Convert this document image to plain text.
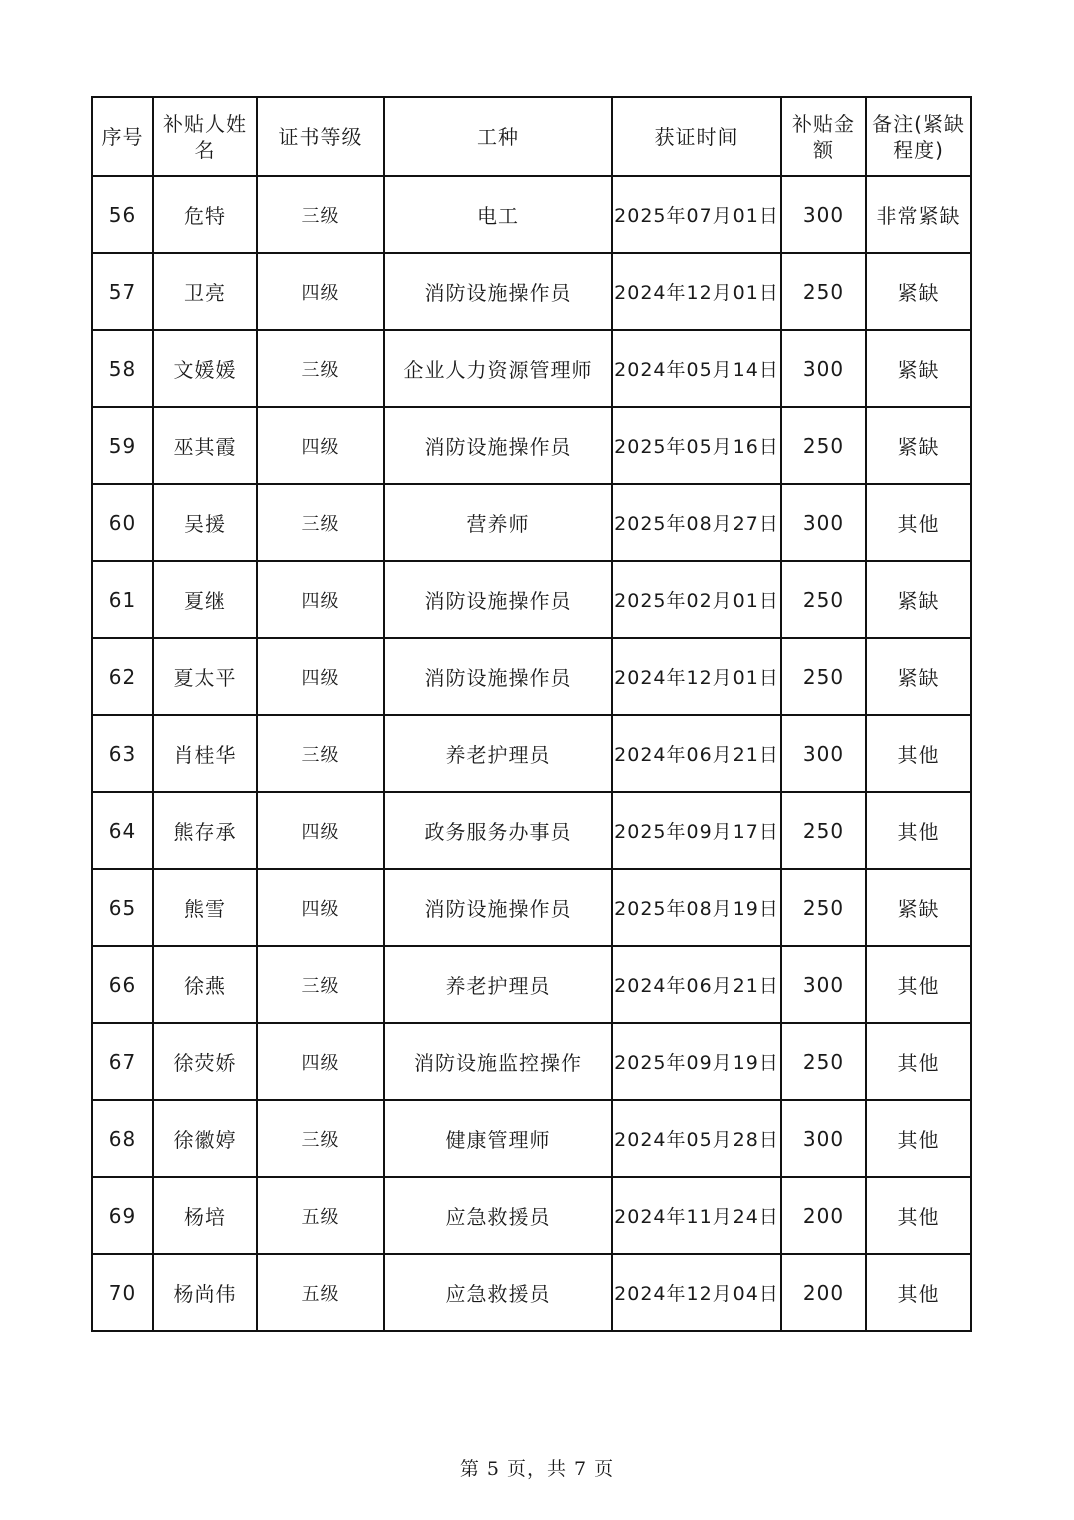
序号	补贴人姓名	证书等级	工种	获证时间	补贴金额	备注(紧缺程度)
56	危特	三级	电工	2025年07月01日	300	非常紧缺
57	卫亮	四级	消防设施操作员	2024年12月01日	250	紧缺
58	文媛媛	三级	企业人力资源管理师	2024年05月14日	300	紧缺
59	巫其霞	四级	消防设施操作员	2025年05月16日	250	紧缺
60	吴援	三级	营养师	2025年08月27日	300	其他
61	夏继	四级	消防设施操作员	2025年02月01日	250	紧缺
62	夏太平	四级	消防设施操作员	2024年12月01日	250	紧缺
63	肖桂华	三级	养老护理员	2024年06月21日	300	其他
64	熊存承	四级	政务服务办事员	2025年09月17日	250	其他
65	熊雪	四级	消防设施操作员	2025年08月19日	250	紧缺
66	徐燕	三级	养老护理员	2024年06月21日	300	其他
67	徐荧娇	四级	消防设施监控操作	2025年09月19日	250	其他
68	徐徽婷	三级	健康管理师	2024年05月28日	300	其他
69	杨培	五级	应急救援员	2024年11月24日	200	其他
70	杨尚伟	五级	应急救援员	2024年12月04日	200	其他
第 5 页，共 7 页
